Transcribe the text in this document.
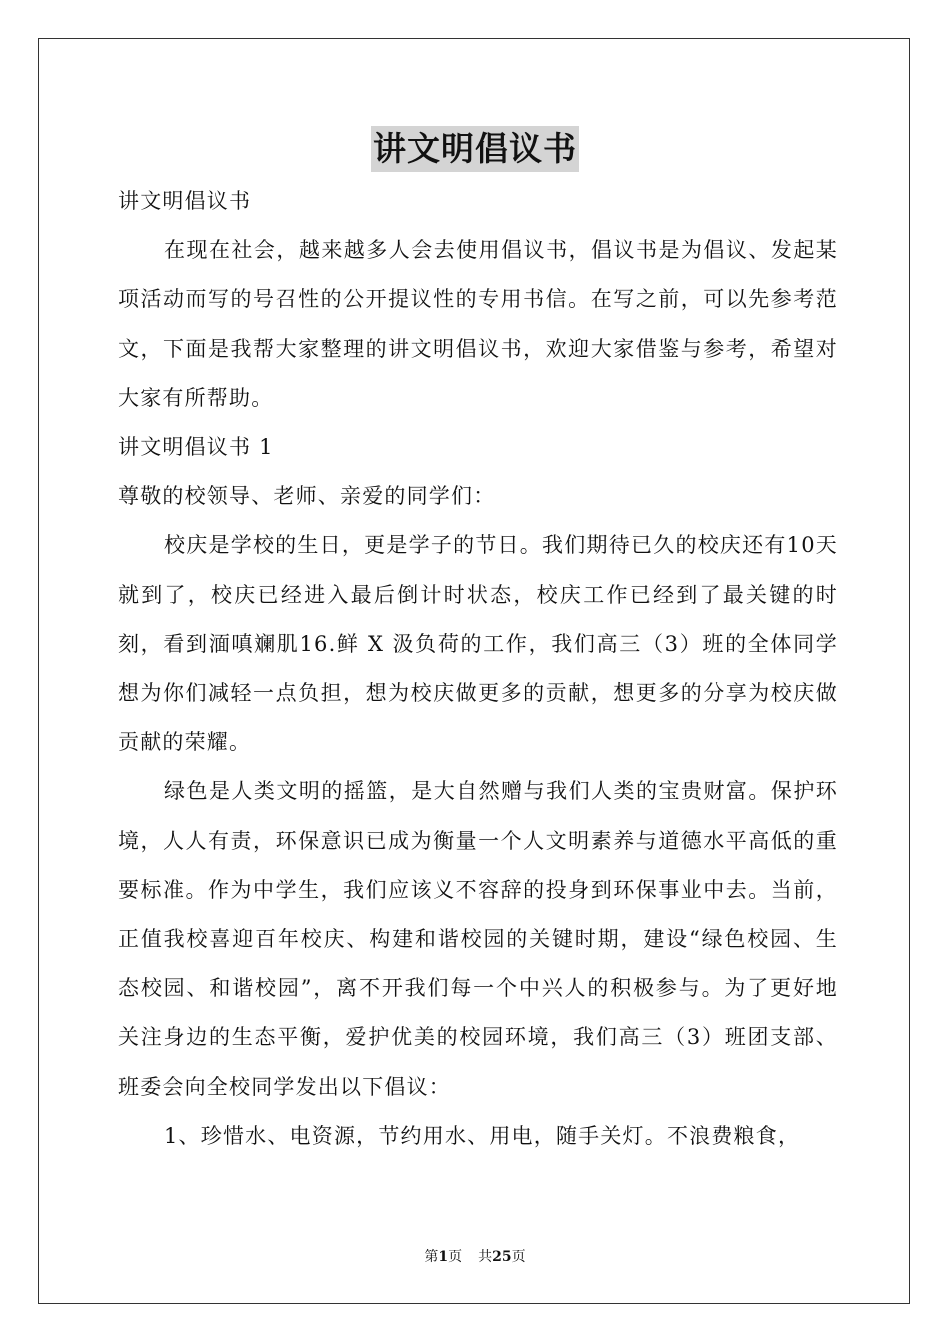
讲文明倡议书

讲文明倡议书

在现在社会，越来越多人会去使用倡议书，倡议书是为倡议、发起某项活动而写的号召性的公开提议性的专用书信。在写之前，可以先参考范文，下面是我帮大家整理的讲文明倡议书，欢迎大家借鉴与参考，希望对大家有所帮助。

讲文明倡议书 1

尊敬的校领导、老师、亲爱的同学们：

校庆是学校的生日，更是学子的节日。我们期待已久的校庆还有10天就到了，校庆已经进入最后倒计时状态，校庆工作已经到了最关键的时刻，看到湎嗔斓肌16.鲜 X 汲负荷的工作，我们高三（3）班的全体同学想为你们减轻一点负担，想为校庆做更多的贡献，想更多的分享为校庆做贡献的荣耀。

绿色是人类文明的摇篮，是大自然赠与我们人类的宝贵财富。保护环境，人人有责，环保意识已成为衡量一个人文明素养与道德水平高低的重要标准。作为中学生，我们应该义不容辞的投身到环保事业中去。当前，正值我校喜迎百年校庆、构建和谐校园的关键时期，建设“绿色校园、生态校园、和谐校园”，离不开我们每一个中兴人的积极参与。为了更好地关注身边的生态平衡，爱护优美的校园环境，我们高三（3）班团支部、班委会向全校同学发出以下倡议：

1、珍惜水、电资源，节约用水、用电，随手关灯。不浪费粮食，

第1页 共25页
